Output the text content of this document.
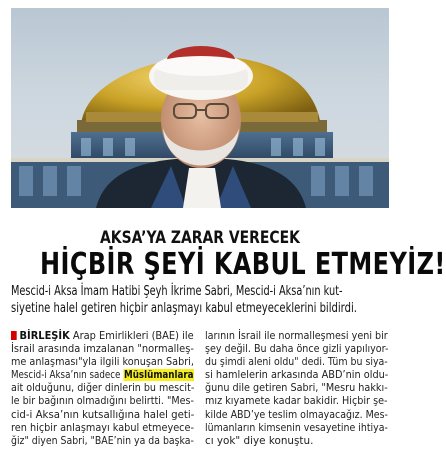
AKSA’YA ZARAR VERECEK
HİÇBİR ŞEYİ KABUL ETMEYİZ!
Mescid-i Aksa İmam Hatibi Şeyh İkrime Sabri, Mescid-i Aksa’nın kut-
siyetine halel getiren hiçbir anlaşmayı kabul etmeyeceklerini bildirdi.
BİRLEŞİK Arap Emirlikleri (BAE) ile
İsrail arasında imzalanan "normalleş-
me anlaşması"yla ilgili konuşan Sabri,
Mescid-i Aksa’nın sadece Müslümanlara
ait olduğunu, diğer dinlerin bu mescit-
le bir bağının olmadığını belirtti. "Mes-
cid-i Aksa’nın kutsallığına halel geti-
ren hiçbir anlaşmayı kabul etmeyece-
ğiz" diyen Sabri, "BAE’nin ya da başka-
larının İsrail ile normalleşmesi yeni bir
şey değil. Bu daha önce gizli yapılıyor-
du şimdi aleni oldu" dedi. Tüm bu siya-
si hamlelerin arkasında ABD’nin oldu-
ğunu dile getiren Sabri, "Mesru hakkı-
mız kıyamete kadar bakidir. Hiçbir şe-
kilde ABD’ye teslim olmayacağız. Mes-
lümanların kimsenin vesayetine ihtiya-
cı yok" diye konuştu.
